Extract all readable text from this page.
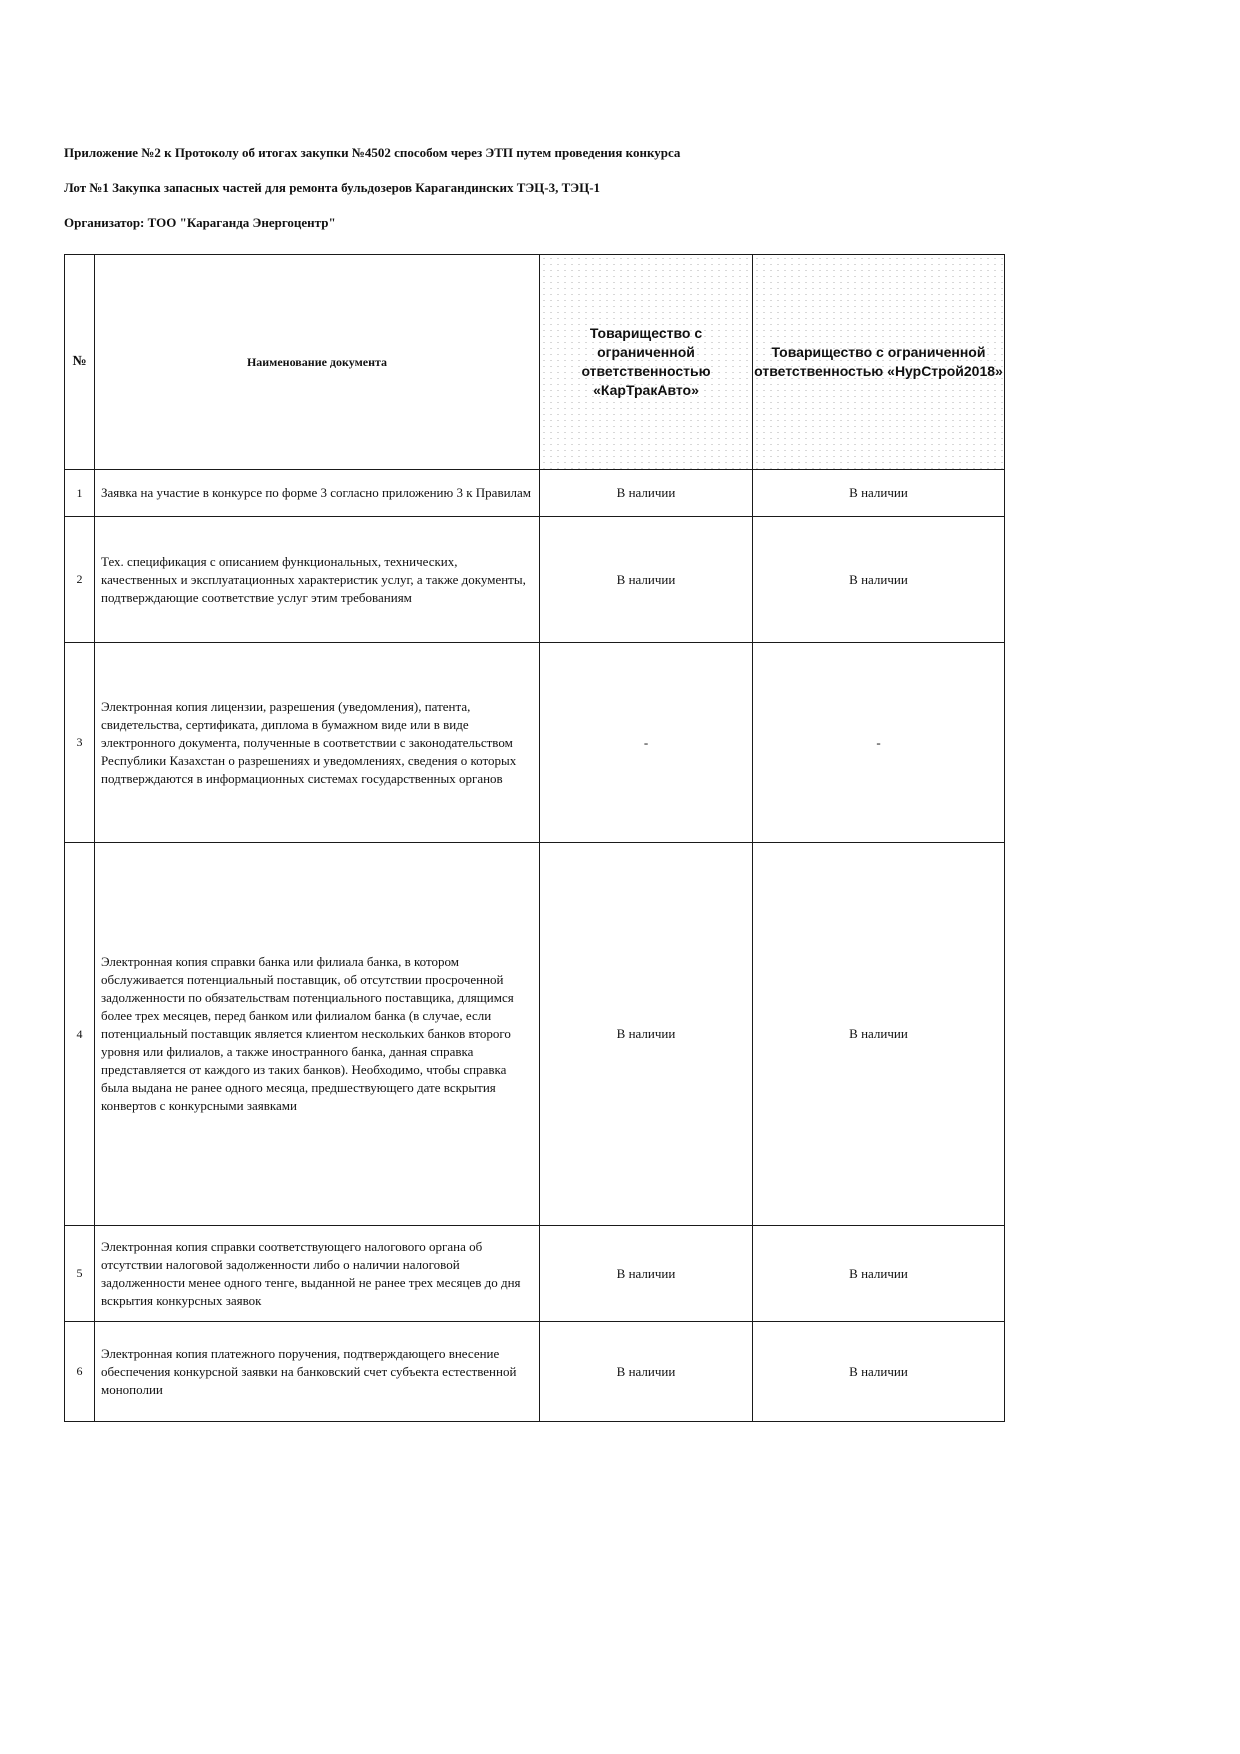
Приложение №2 к Протоколу об итогах закупки №4502 способом через ЭТП путем проведения конкурса
Лот №1 Закупка запасных частей для ремонта бульдозеров Карагандинских ТЭЦ-3, ТЭЦ-1
Организатор: ТОО "Караганда Энергоцентр"
№	Наименование документа	Товарищество с ограниченной ответственностью «КарТракАвто»	Товарищество с ограниченной ответственностью «НурСтрой2018»
1	Заявка на участие в конкурсе по форме 3 согласно приложению 3 к Правилам	В наличии	В наличии
2	Тех. спецификация с описанием функциональных, технических, качественных и эксплуатационных характеристик услуг, а также документы, подтверждающие соответствие услуг этим требованиям	В наличии	В наличии
3	Электронная копия лицензии, разрешения (уведомления), патента, свидетельства, сертификата, диплома в бумажном виде или в виде электронного документа, полученные в соответствии с законодательством Республики Казахстан о разрешениях и уведомлениях, сведения о которых подтверждаются в информационных системах государственных органов	-	-
4	Электронная копия справки банка или филиала банка, в котором обслуживается потенциальный поставщик, об отсутствии просроченной задолженности по обязательствам потенциального поставщика, длящимся более трех месяцев, перед банком или филиалом банка (в случае, если потенциальный поставщик является клиентом нескольких банков второго уровня или филиалов, а также иностранного банка, данная справка представляется от каждого из таких банков). Необходимо, чтобы справка была выдана не ранее одного месяца, предшествующего дате вскрытия конвертов с конкурсными заявками	В наличии	В наличии
5	Электронная копия справки соответствующего налогового органа об отсутствии налоговой задолженности либо о наличии налоговой задолженности менее одного тенге, выданной не ранее трех месяцев до дня вскрытия конкурсных заявок	В наличии	В наличии
6	Электронная копия платежного поручения, подтверждающего внесение обеспечения конкурсной заявки на банковский счет субъекта естественной монополии	В наличии	В наличии
